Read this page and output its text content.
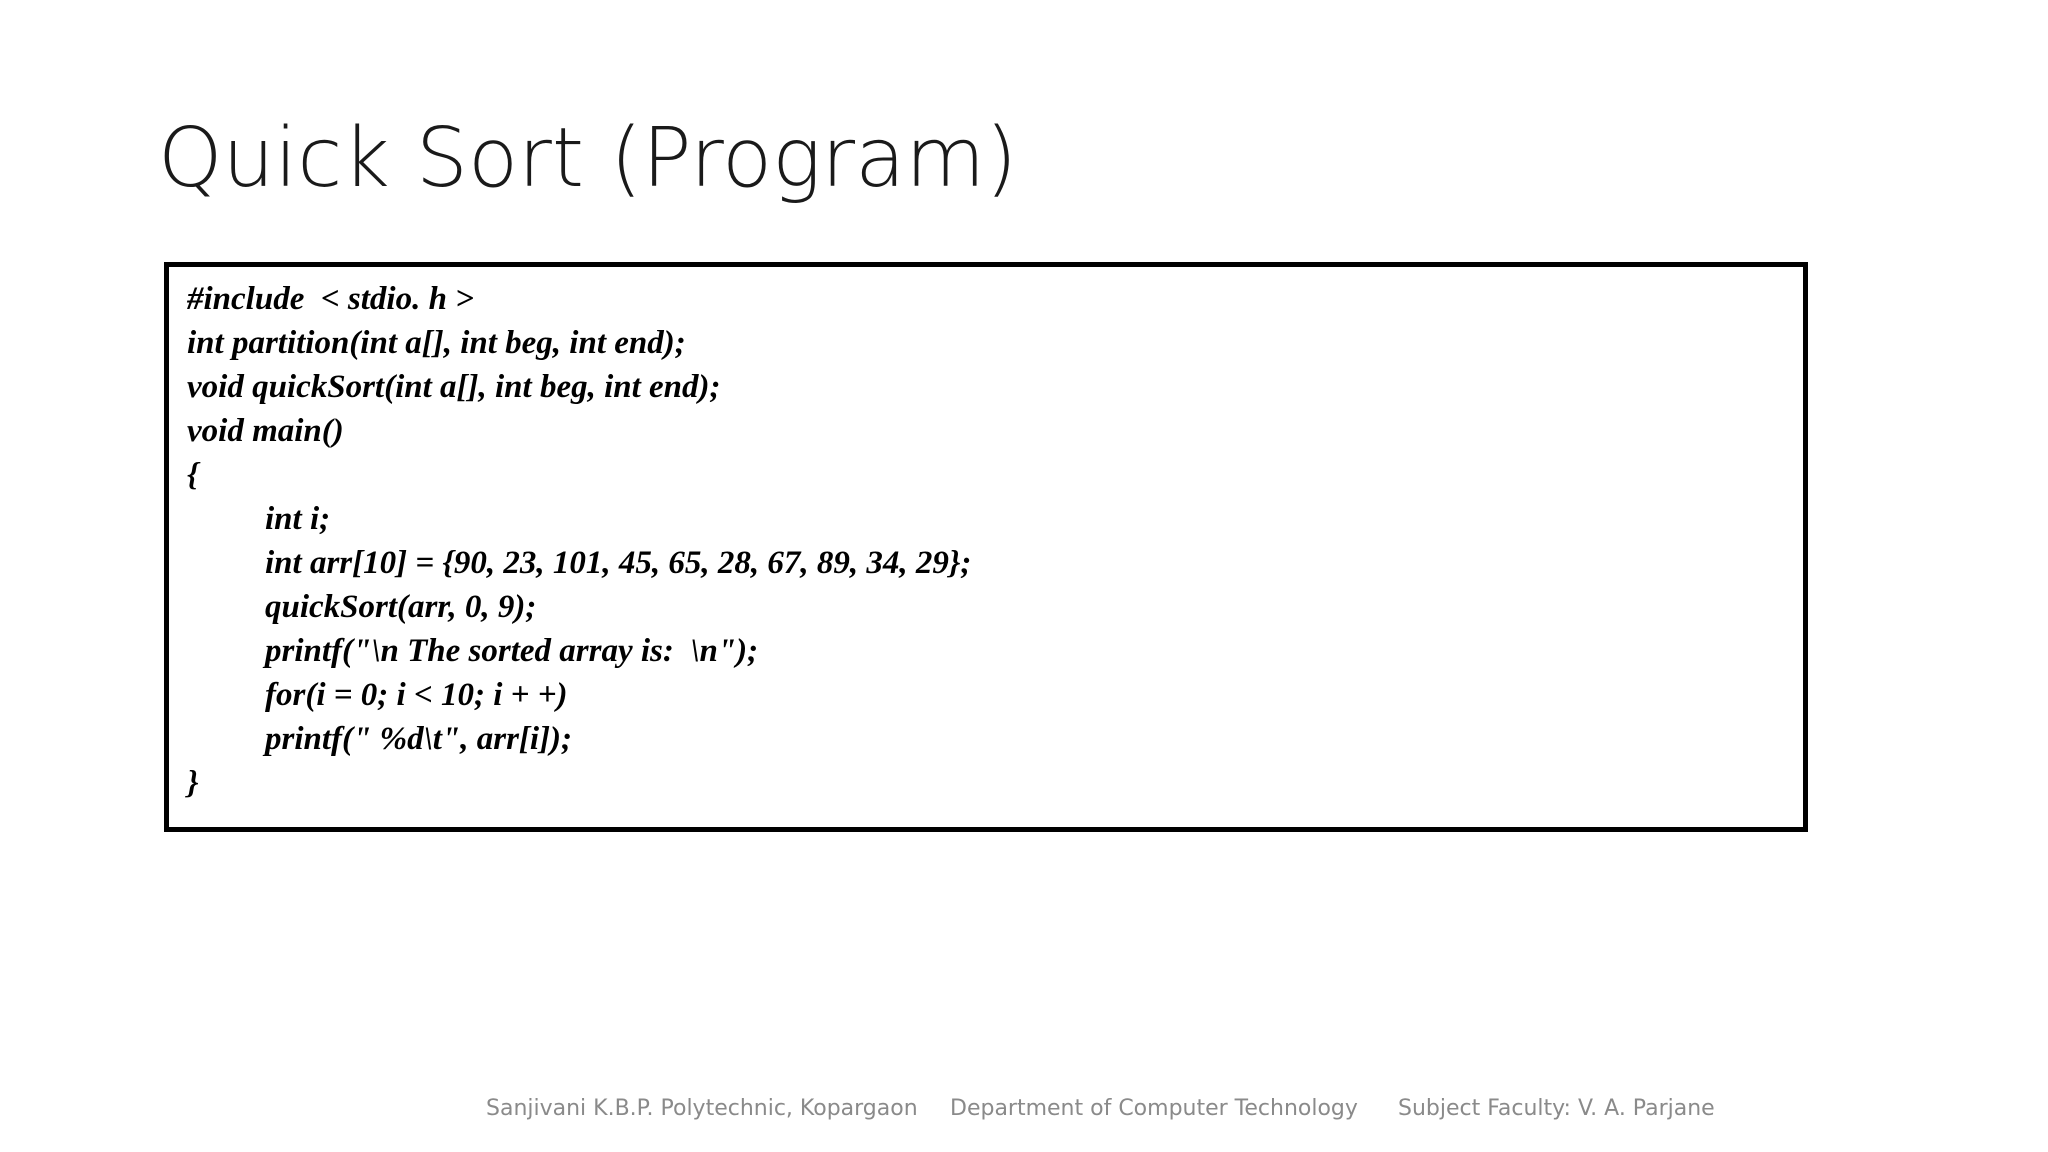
Quick Sort (Program)
#include  < stdio. h >
int partition(int a[], int beg, int end);
void quickSort(int a[], int beg, int end);
void main()
{
int i;
int arr[10] = {90, 23, 101, 45, 65, 28, 67, 89, 34, 29};
quickSort(arr, 0, 9);
printf("\n The sorted array is:  \n");
for(i = 0; i < 10; i + +)
printf(" %d\t", arr[i]);
}
Sanjivani K.B.P. Polytechnic, Kopargaon Department of Computer Technology Subject Faculty: V. A. Parjane
